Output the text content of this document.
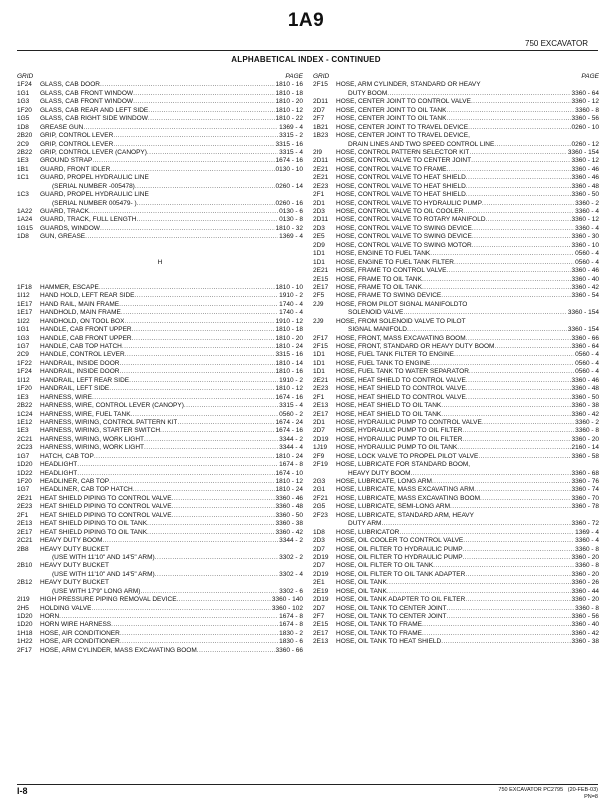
1A9
750 EXCAVATOR
ALPHABETICAL INDEX - CONTINUED
GRID	PAGE
1F24	GLASS, CAB DOOR .....	1810 - 16
1G1	GLASS, CAB FRONT WINDOW .....	1810 - 18
1G3	GLASS, CAB FRONT WINDOW .....	1810 - 20
1F20	GLASS, CAB REAR AND LEFT SIDE .....	1810 - 12
1G5	GLASS, CAB RIGHT SIDE WINDOW .....	1810 - 22
1D8	GREASE GUN .....	1369 - 4
2B20	GRIP, CONTROL LEVER .....	3315 - 2
2C9	GRIP, CONTROL LEVER .....	3315 - 16
2B22	GRIP, CONTROL LEVER (CANOPY) .....	3315 - 4
1E3	GROUND STRAP .....	1674 - 16
1B1	GUARD, FRONT IDLER .....	0130 - 10
1C1	GUARD, PROPEL HYDRAULIC LINE
(SERIAL NUMBER -005478) .....	0260 - 14
1C3	GUARD, PROPEL HYDRAULIC LINE
(SERIAL NUMBER 005479- ) .....	0260 - 16
1A22	GUARD, TRACK .....	0130 - 6
1A24	GUARD, TRACK, FULL LENGTH .....	0130 - 8
1G15	GUARDS, WINDOW .....	1810 - 32
1D8	GUN, GREASE .....	1369 - 4
H
1F18	HAMMER, ESCAPE .....	1810 - 10
1I12	HAND HOLD, LEFT REAR SIDE .....	1910 - 2
1E17	HAND RAIL, MAIN FRAME .....	1740 - 4
1E17	HANDHOLD, MAIN FRAME .....	1740 - 4
1I22	HANDHOLD, ON TOOL BOX .....	1910 - 12
1G1	HANDLE, CAB FRONT UPPER .....	1810 - 18
1G3	HANDLE, CAB FRONT UPPER .....	1810 - 20
1G7	HANDLE, CAB TOP HATCH .....	1810 - 24
2C9	HANDLE, CONTROL LEVER .....	3315 - 16
1F22	HANDRAIL, INSIDE DOOR .....	1810 - 14
1F24	HANDRAIL, INSIDE DOOR .....	1810 - 16
1I12	HANDRAIL, LEFT REAR SIDE .....	1910 - 2
1F20	HANDRAIL, LEFT SIDE .....	1810 - 12
1E3	HARNESS, WIRE .....	1674 - 16
2B22	HARNESS, WIRE, CONTROL LEVER (CANOPY) .....	3315 - 4
1C24	HARNESS, WIRE, FUEL TANK .....	0560 - 2
1E12	HARNESS, WIRING, CONTROL PATTERN KIT .....	1674 - 24
1E3	HARNESS, WIRING, STARTER SWITCH .....	1674 - 16
2C21	HARNESS, WIRING, WORK LIGHT .....	3344 - 2
2C23	HARNESS, WIRING, WORK LIGHT .....	3344 - 4
1G7	HATCH, CAB TOP .....	1810 - 24
1D20	HEADLIGHT .....	1674 - 8
1D22	HEADLIGHT .....	1674 - 10
1F20	HEADLINER, CAB TOP .....	1810 - 12
1G7	HEADLINER, CAB TOP HATCH .....	1810 - 24
2E21	HEAT SHIELD PIPING TO CONTROL VALVE .....	3360 - 46
2E23	HEAT SHIELD PIPING TO CONTROL VALVE .....	3360 - 48
2F1	HEAT SHIELD PIPING TO CONTROL VALVE .....	3360 - 50
2E13	HEAT SHIELD PIPING TO OIL TANK .....	3360 - 38
2E17	HEAT SHIELD PIPING TO OIL TANK .....	3360 - 42
2C21	HEAVY DUTY BOOM .....	3344 - 2
2B8	HEAVY DUTY BUCKET
(USE WITH 11'10" AND 14'5" ARM) .....	3302 - 2
2B10	HEAVY DUTY BUCKET
(USE WITH 11'10" AND 14'5" ARM) .....	3302 - 4
2B12	HEAVY DUTY BUCKET
(USE WITH 17'9" LONG ARM) .....	3302 - 6
2I19	HIGH PRESSURE PIPING REMOVAL DEVICE .....	3360 - 140
2H5	HOLDING VALVE .....	3360 - 102
1D20	HORN .....	1674 - 8
1D20	HORN WIRE HARNESS .....	1674 - 8
1H18	HOSE, AIR CONDITIONER .....	1830 - 2
1H22	HOSE, AIR CONDITIONER .....	1830 - 6
2F17	HOSE, ARM CYLINDER, MASS EXCAVATING BOOM .....	3360 - 66
GRID	PAGE
2F15	HOSE, ARM CYLINDER, STANDARD OR HEAVY
DUTY BOOM .....	3360 - 64
2D11	HOSE, CENTER JOINT TO CONTROL VALVE .....	3360 - 12
2D7	HOSE, CENTER JOINT TO OIL TANK .....	3360 - 8
2F7	HOSE, CENTER JOINT TO OIL TANK .....	3360 - 56
1B21	HOSE, CENTER JOINT TO TRAVEL DEVICE .....	0260 - 10
1B23	HOSE, CENTER JOINT TO TRAVEL DEVICE,
DRAIN LINES AND TWO SPEED CONTROL LINE .....	0260 - 12
2I9	HOSE, CONTROL PATTERN SELECTOR KIT .....	3360 - 154
2D11	HOSE, CONTROL VALVE TO CENTER JOINT .....	3360 - 12
2E21	HOSE, CONTROL VALVE TO FRAME .....	3360 - 46
2E21	HOSE, CONTROL VALVE TO HEAT SHIELD .....	3360 - 46
2E23	HOSE, CONTROL VALVE TO HEAT SHIELD .....	3360 - 48
2F1	HOSE, CONTROL VALVE TO HEAT SHIELD .....	3360 - 50
2D1	HOSE, CONTROL VALVE TO HYDRAULIC PUMP .....	3360 - 2
2D3	HOSE, CONTROL VALVE TO OIL COOLER .....	3360 - 4
2D11	HOSE, CONTROL VALVE TO ROTARY MANIFOLD .....	3360 - 12
2D3	HOSE, CONTROL VALVE TO SWING DEVICE .....	3360 - 4
2E5	HOSE, CONTROL VALVE TO SWING DEVICE .....	3360 - 30
2D9	HOSE, CONTROL VALVE TO SWING MOTOR .....	3360 - 10
1D1	HOSE, ENGINE TO FUEL TANK .....	0560 - 4
1D1	HOSE, ENGINE TO FUEL TANK FILTER .....	0560 - 4
2E21	HOSE, FRAME TO CONTROL VALVE .....	3360 - 46
2E15	HOSE, FRAME TO OIL TANK .....	3360 - 40
2E17	HOSE, FRAME TO OIL TANK .....	3360 - 42
2F5	HOSE, FRAME TO SWING DEVICE .....	3360 - 54
2J9	HOSE, FROM PILOT SIGNAL MANIFOLDTO
SOLENOID VALVE .....	3360 - 154
2J9	HOSE, FROM SOLENOID VALVE TO PILOT
SIGNAL MANIFOLD .....	3360 - 154
2F17	HOSE, FRONT, MASS EXCAVATING BOOM .....	3360 - 66
2F15	HOSE, FRONT, STANDARD OR HEAVY DUTY BOOM .....	3360 - 64
1D1	HOSE, FUEL TANK FILTER TO ENGINE .....	0560 - 4
1D1	HOSE, FUEL TANK TO ENGINE .....	0560 - 4
1D1	HOSE, FUEL TANK TO WATER SEPARATOR .....	0560 - 4
2E21	HOSE, HEAT SHIELD TO CONTROL VALVE .....	3360 - 46
2E23	HOSE, HEAT SHIELD TO CONTROL VALVE .....	3360 - 48
2F1	HOSE, HEAT SHIELD TO CONTROL VALVE .....	3360 - 50
2E13	HOSE, HEAT SHIELD TO OIL TANK .....	3360 - 38
2E17	HOSE, HEAT SHIELD TO OIL TANK .....	3360 - 42
2D1	HOSE, HYDRAULIC PUMP TO CONTROL VALVE .....	3360 - 2
2D7	HOSE, HYDRAULIC PUMP TO OIL FILTER .....	3360 - 8
2D19	HOSE, HYDRAULIC PUMP TO OIL FILTER .....	3360 - 20
1J19	HOSE, HYDRAULIC PUMP TO OIL TANK .....	2160 - 14
2F9	HOSE, LOCK VALVE TO PROPEL PILOT VALVE .....	3360 - 58
2F19	HOSE, LUBRICATE FOR STANDARD BOOM,
HEAVY DUTY BOOM .....	3360 - 68
2G3	HOSE, LUBRICATE, LONG ARM .....	3360 - 76
2G1	HOSE, LUBRICATE, MASS EXCAVATING ARM .....	3360 - 74
2F21	HOSE, LUBRICATE, MASS EXCAVATING BOOM .....	3360 - 70
2G5	HOSE, LUBRICATE, SEMI-LONG ARM .....	3360 - 78
2F23	HOSE, LUBRICATE, STANDARD ARM, HEAVY
DUTY ARM .....	3360 - 72
1D8	HOSE, LUBRICATOR .....	1369 - 4
2D3	HOSE, OIL COOLER TO CONTROL VALVE .....	3360 - 4
2D7	HOSE, OIL FILTER TO HYDRAULIC PUMP .....	3360 - 8
2D19	HOSE, OIL FILTER TO HYDRAULIC PUMP .....	3360 - 20
2D7	HOSE, OIL FILTER TO OIL TANK .....	3360 - 8
2D19	HOSE, OIL FILTER TO OIL TANK ADAPTER .....	3360 - 20
2E1	HOSE, OIL TANK .....	3360 - 26
2E19	HOSE, OIL TANK .....	3360 - 44
2D19	HOSE, OIL TANK ADAPTER TO OIL FILTER .....	3360 - 20
2D7	HOSE, OIL TANK TO CENTER JOINT .....	3360 - 8
2F7	HOSE, OIL TANK TO CENTER JOINT .....	3360 - 56
2E15	HOSE, OIL TANK TO FRAME .....	3360 - 40
2E17	HOSE, OIL TANK TO FRAME .....	3360 - 42
2E13	HOSE, OIL TANK TO HEAT SHIELD .....	3360 - 38
I-8	750 EXCAVATOR PC2795 (20-FEB-03)
PN=8
